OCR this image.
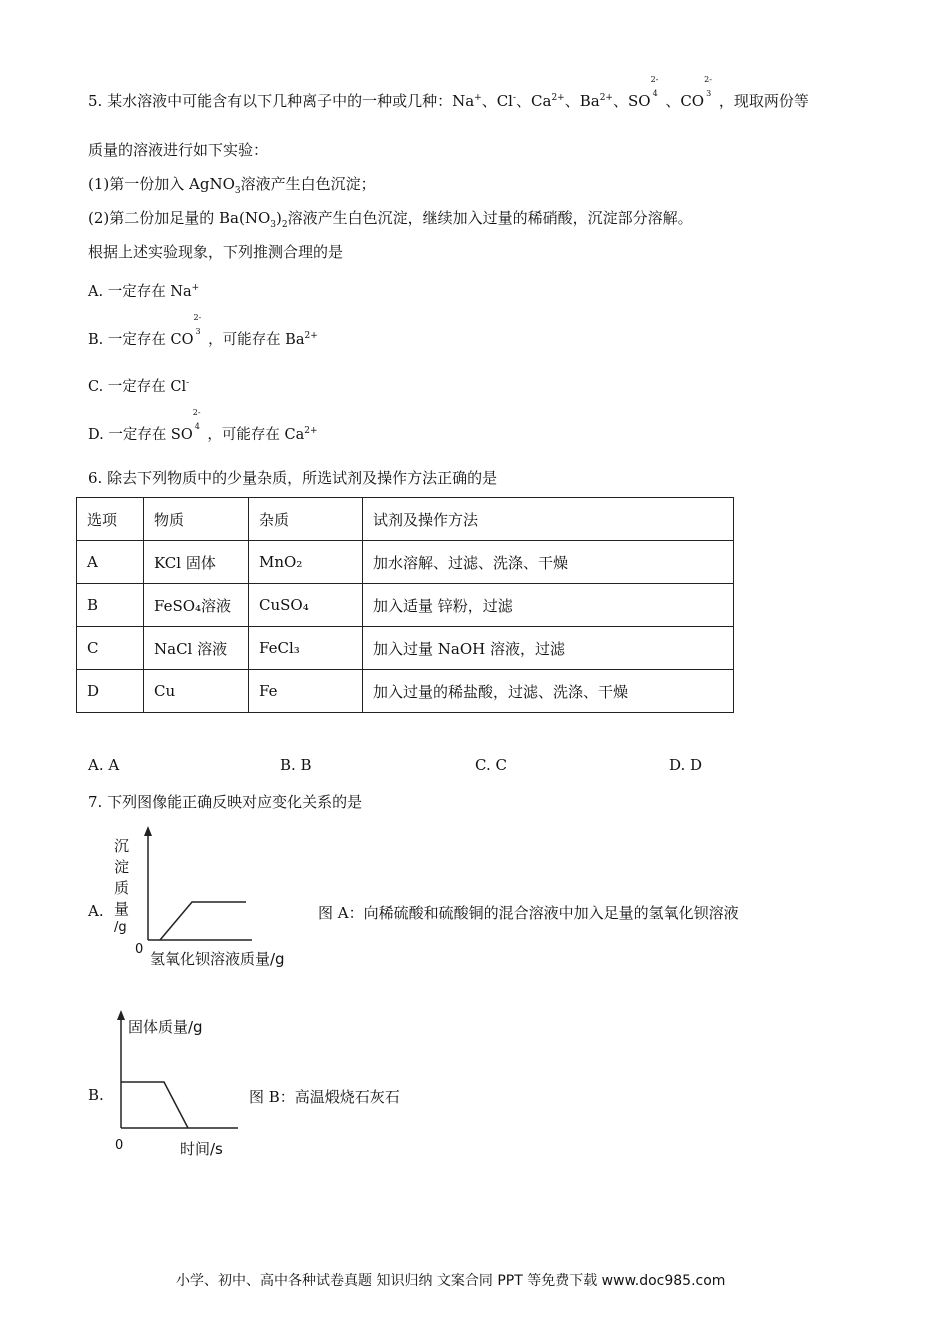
5. 某水溶液中可能含有以下几种离子中的一种或几种：Na+、Cl-、$Ca^{2+}$、$Ba^{2+}$、SO
2-
4 、CO
2-
3 ，现取两份等
质量的溶液进行如下实验：
(1)第一份加入 AgNO$_3$溶液产生白色沉淀；
(2)第二份加足量的 $Ba(NO_3)_2$溶液产生白色沉淀，继续加入过量的稀硝酸，沉淀部分溶解。
根据上述实验现象，下列推测合理的是
A. 一定存在 Na+
B. 一定存在 CO
2-
3
，可能存在 $Ba^{2+}$
C. 一定存在 Cl-
D. 一定存在 SO
2-
4
，可能存在 $Ca^{2+}$
6. 除去下列物质中的少量杂质，所选试剂及操作方法正确的是
选项	物质	杂质	试剂及操作方法
A	KCl 固体	MnO₂	加水溶解、过滤、洗涤、干燥
B	FeSO₄溶液	CuSO₄	加入适量 锌粉，过滤
C	NaCl 溶液	FeCl₃	加入过量 NaOH 溶液，过滤
D	Cu	Fe	加入过量的稀盐酸，过滤、洗涤、干燥
A. A	B. B	C. C	D. D
7. 下列图像能正确反映对应变化关系的是
A.
沉
淀
质
量
/g
0
氢氧化钡溶液质量/g
图 A：向稀硫酸和硫酸铜的混合溶液中加入足量的氢氧化钡溶液
B.
固体质量/g
0	时间/s
图 B：高温煅烧石灰石
小学、初中、高中各种试卷真题 知识归纳 文案合同 PPT 等免费下载 www.doc985.com
